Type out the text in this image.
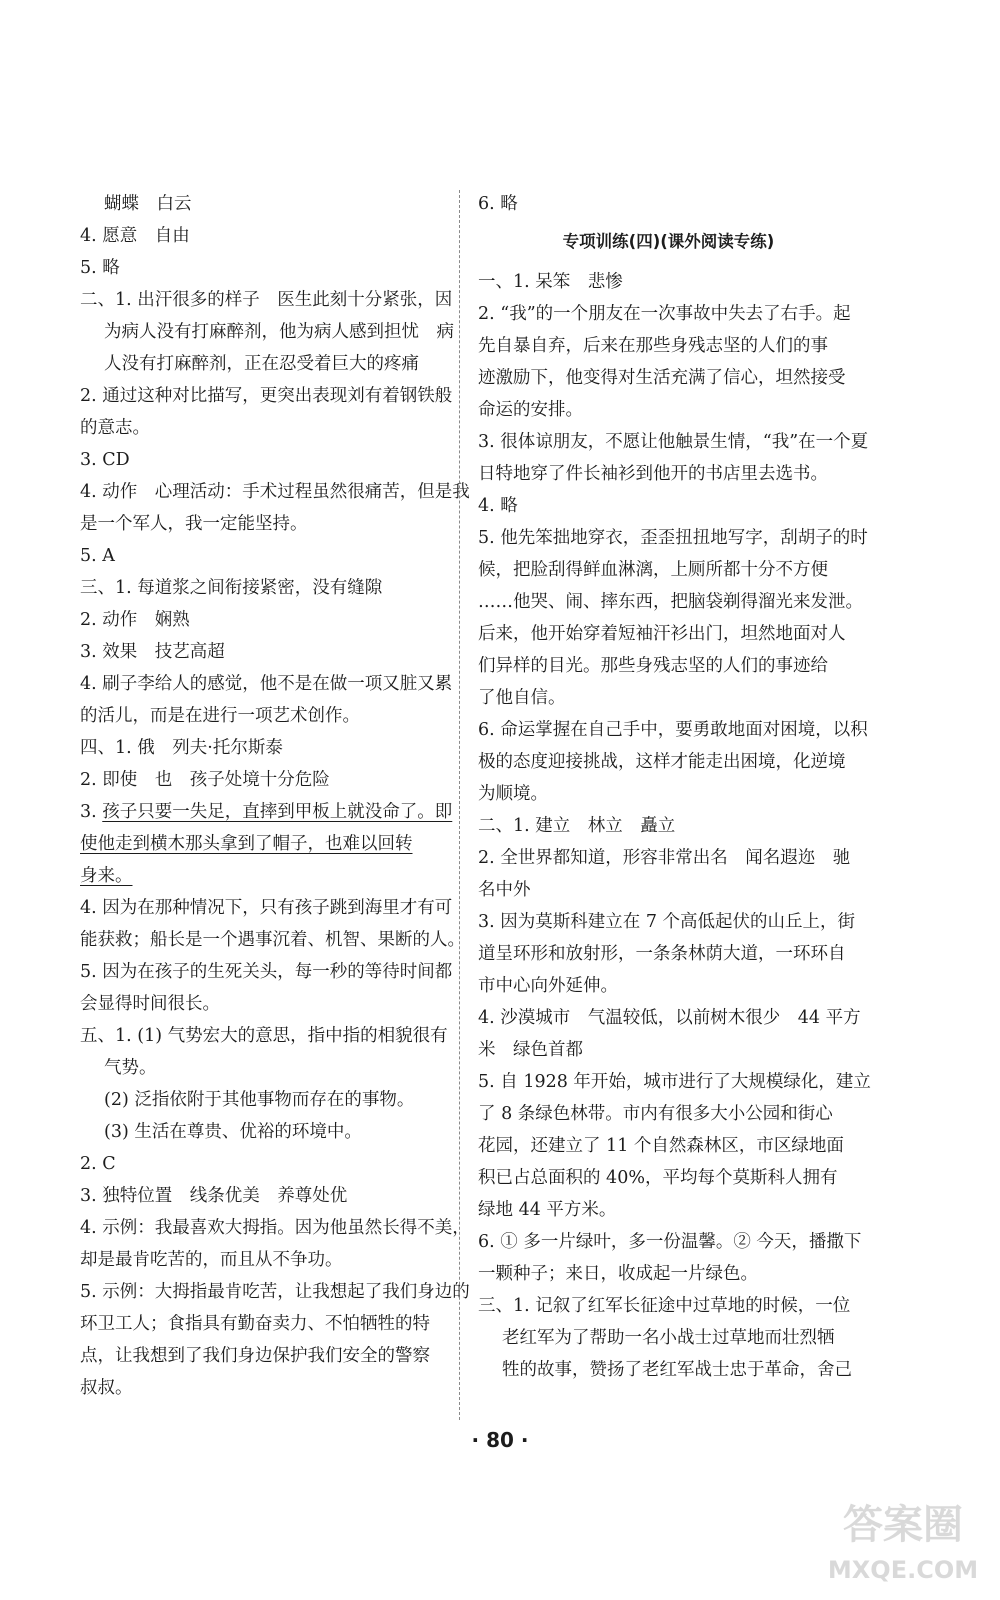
蝴蝶　白云
4. 愿意　自由
5. 略
二、1. 出汗很多的样子　医生此刻十分紧张，因
为病人没有打麻醉剂，他为病人感到担忧　病
人没有打麻醉剂，正在忍受着巨大的疼痛
2. 通过这种对比描写，更突出表现刘有着钢铁般
的意志。
3. CD
4. 动作　心理活动：手术过程虽然很痛苦，但是我
是一个军人，我一定能坚持。
5. A
三、1. 每道浆之间衔接紧密，没有缝隙
2. 动作　娴熟
3. 效果　技艺高超
4. 刷子李给人的感觉，他不是在做一项又脏又累
的活儿，而是在进行一项艺术创作。
四、1. 俄　列夫·托尔斯泰
2. 即使　也　孩子处境十分危险
3. 孩子只要一失足，直摔到甲板上就没命了。即
使他走到横木那头拿到了帽子，也难以回转
身来。
4. 因为在那种情况下，只有孩子跳到海里才有可
能获救；船长是一个遇事沉着、机智、果断的人。
5. 因为在孩子的生死关头，每一秒的等待时间都
会显得时间很长。
五、1. (1) 气势宏大的意思，指中指的相貌很有
气势。
(2) 泛指依附于其他事物而存在的事物。
(3) 生活在尊贵、优裕的环境中。
2. C
3. 独特位置　线条优美　养尊处优
4. 示例：我最喜欢大拇指。因为他虽然长得不美，
却是最肯吃苦的，而且从不争功。
5. 示例：大拇指最肯吃苦，让我想起了我们身边的
环卫工人；食指具有勤奋卖力、不怕牺牲的特
点，让我想到了我们身边保护我们安全的警察
叔叔。
6. 略
专项训练(四)(课外阅读专练)
一、1. 呆笨　悲惨
2. “我”的一个朋友在一次事故中失去了右手。起
先自暴自弃，后来在那些身残志坚的人们的事
迹激励下，他变得对生活充满了信心，坦然接受
命运的安排。
3. 很体谅朋友，不愿让他触景生情，“我”在一个夏
日特地穿了件长袖衫到他开的书店里去选书。
4. 略
5. 他先笨拙地穿衣，歪歪扭扭地写字，刮胡子的时
候，把脸刮得鲜血淋漓，上厕所都十分不方便
……他哭、闹、摔东西，把脑袋剃得溜光来发泄。
后来，他开始穿着短袖汗衫出门，坦然地面对人
们异样的目光。那些身残志坚的人们的事迹给
了他自信。
6. 命运掌握在自己手中，要勇敢地面对困境，以积
极的态度迎接挑战，这样才能走出困境，化逆境
为顺境。
二、1. 建立　林立　矗立
2. 全世界都知道，形容非常出名　闻名遐迩　驰
名中外
3. 因为莫斯科建立在 7 个高低起伏的山丘上，街
道呈环形和放射形，一条条林荫大道，一环环自
市中心向外延伸。
4. 沙漠城市　气温较低，以前树木很少　44 平方
米　绿色首都
5. 自 1928 年开始，城市进行了大规模绿化，建立
了 8 条绿色林带。市内有很多大小公园和街心
花园，还建立了 11 个自然森林区，市区绿地面
积已占总面积的 40%，平均每个莫斯科人拥有
绿地 44 平方米。
6. ① 多一片绿叶，多一份温馨。② 今天，播撒下
一颗种子；来日，收成起一片绿色。
三、1. 记叙了红军长征途中过草地的时候，一位
老红军为了帮助一名小战士过草地而壮烈牺
牲的故事，赞扬了老红军战士忠于革命，舍己
· 80 ·
答案圈
MXQE.COM
